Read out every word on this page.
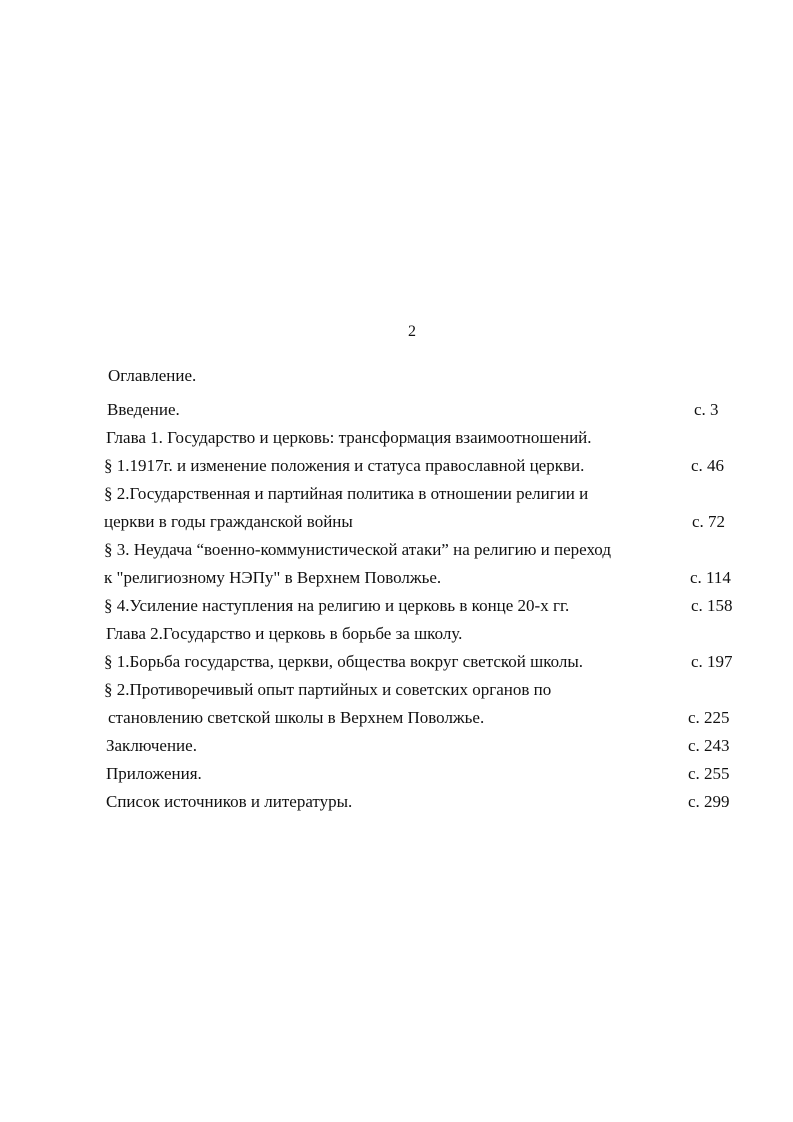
2
Оглавление.
Введение.	с. 3
Глава 1. Государство и церковь: трансформация взаимоотношений.
§ 1.1917г. и изменение положения и статуса православной церкви.	с. 46
§ 2.Государственная и партийная политика в отношении религии и
церкви в годы гражданской войны	с. 72
§ 3. Неудача “военно-коммунистической атаки” на религию и переход
к "религиозному НЭПу" в Верхнем Поволжье.	с. 114
§ 4.Усиление наступления на религию и церковь в конце 20-х гг.	с. 158
Глава 2.Государство и церковь в борьбе за школу.
§ 1.Борьба государства, церкви, общества вокруг светской школы.	с. 197
§ 2.Противоречивый опыт партийных и советских органов по
становлению светской школы в Верхнем Поволжье.	с. 225
Заключение.	с. 243
Приложения.	с. 255
Список источников и литературы.	с. 299
